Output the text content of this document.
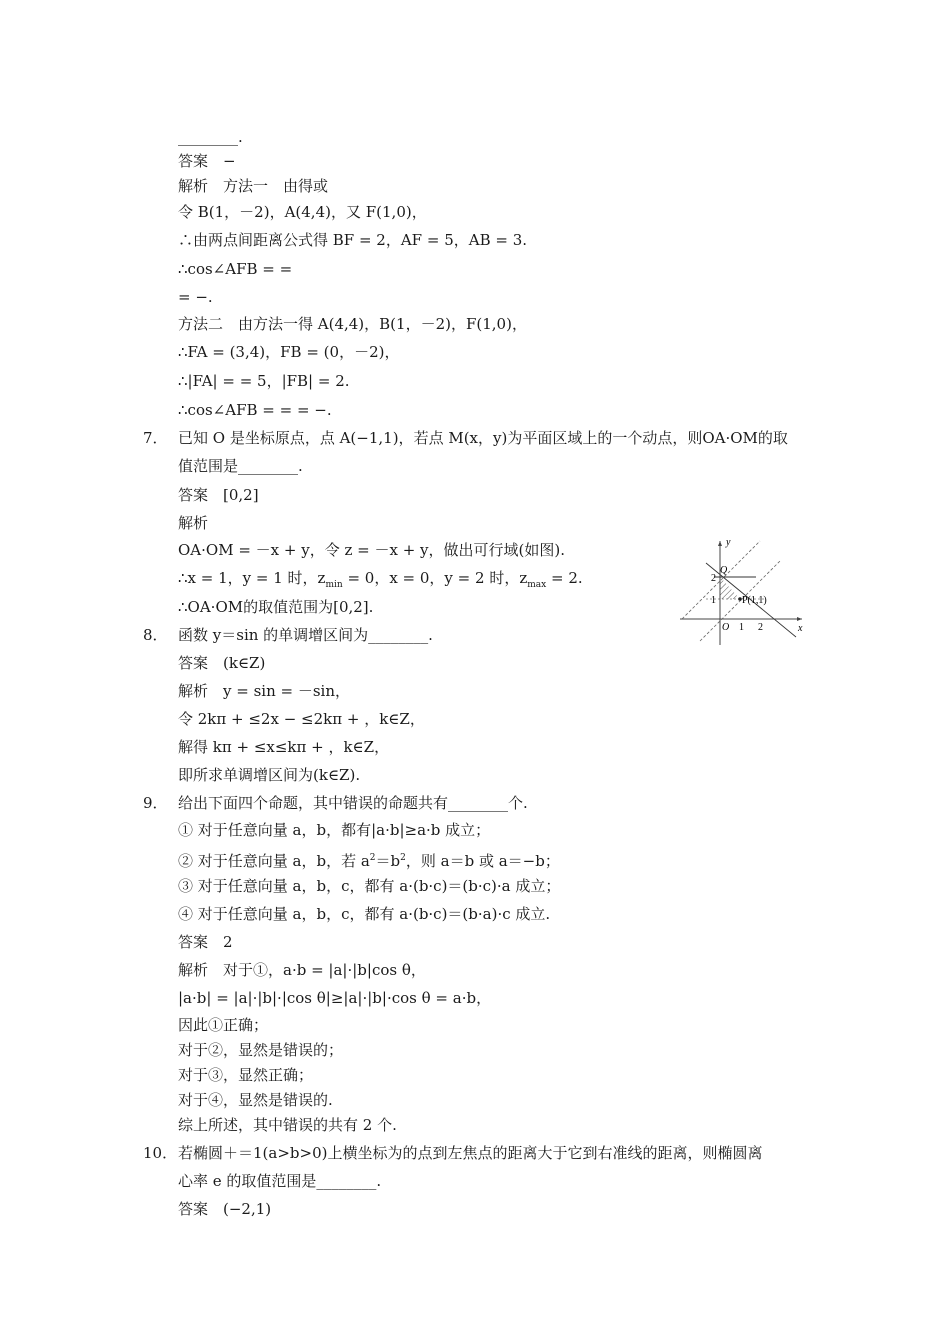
________.
答案　−
解析　方法一　由得或
令 B(1，－2)，A(4,4)，又 F(1,0)，
∴由两点间距离公式得 BF = 2，AF = 5，AB = 3.
∴cos∠AFB = =
= −.
方法二　由方法一得 A(4,4)，B(1，－2)，F(1,0)，
∴FA = (3,4)，FB = (0，－2)，
∴|FA| = = 5，|FB| = 2.
∴cos∠AFB = = = −.
7． 已知 O 是坐标原点，点 A(−1,1)，若点 M(x，y)为平面区域上的一个动点，则OA·OM的取
值范围是________.
答案　[0,2]
解析
OA·OM = －x + y，令 z = －x + y，做出可行域(如图).
∴x = 1，y = 1 时，$z_{min} = 0$，x = 0，y = 2 时，$z_{max} = 2$.
∴OA·OM的取值范围为[0,2].
8． 函数 y＝sin 的单调增区间为________.
答案　(k∈Z)
解析　y = sin = －sin，
令 2kπ + ≤2x − ≤2kπ + ，k∈Z，
解得 kπ + ≤x≤kπ + ，k∈Z，
即所求单调增区间为(k∈Z).
9． 给出下面四个命题，其中错误的命题共有________个.
① 对于任意向量 a，b，都有|a·b|≥a·b 成立；
② 对于任意向量 a，b，若 $a^2=b^2$，则 a＝b 或 a＝−b；
③ 对于任意向量 a，b，c，都有 a·(b·c)＝(b·c)·a 成立；
④ 对于任意向量 a，b，c，都有 a·(b·c)＝(b·a)·c 成立.
答案　2
解析　对于①，a·b = |a|·|b|cos θ，
|a·b| = |a|·|b|·|cos θ|≥|a|·|b|·cos θ = a·b，
因此①正确；
对于②，显然是错误的；
对于③，显然正确；
对于④，显然是错误的.
综上所述，其中错误的共有 2 个.
10． 若椭圆＋＝1(a>b>0)上横坐标为的点到左焦点的距离大于它到右准线的距离，则椭圆离
心率 e 的取值范围是________.
答案　(−2,1)
y
x
O 1 2
1
2
Q
P(1,1)
